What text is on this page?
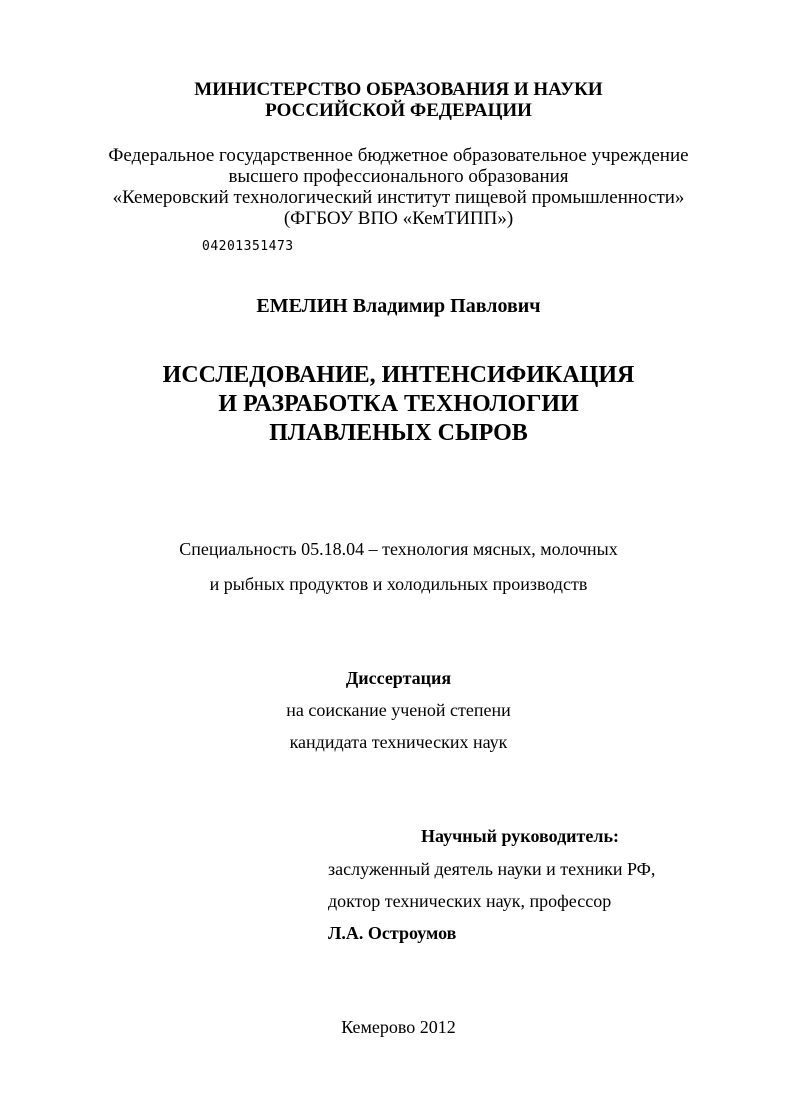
МИНИСТЕРСТВО ОБРАЗОВАНИЯ И НАУКИ
РОССИЙСКОЙ ФЕДЕРАЦИИ
Федеральное государственное бюджетное образовательное учреждение
высшего профессионального образования
«Кемеровский технологический институт пищевой промышленности»
(ФГБОУ ВПО «КемТИПП»)
04201351473
ЕМЕЛИН Владимир Павлович
ИССЛЕДОВАНИЕ, ИНТЕНСИФИКАЦИЯ
И РАЗРАБОТКА ТЕХНОЛОГИИ
ПЛАВЛЕНЫХ СЫРОВ
Специальность 05.18.04 – технология мясных, молочных
и рыбных продуктов и холодильных производств
Диссертация
на соискание ученой степени
кандидата технических наук
Научный руководитель:
заслуженный деятель науки и техники РФ,
доктор технических наук, профессор
Л.А. Остроумов
Кемерово 2012
